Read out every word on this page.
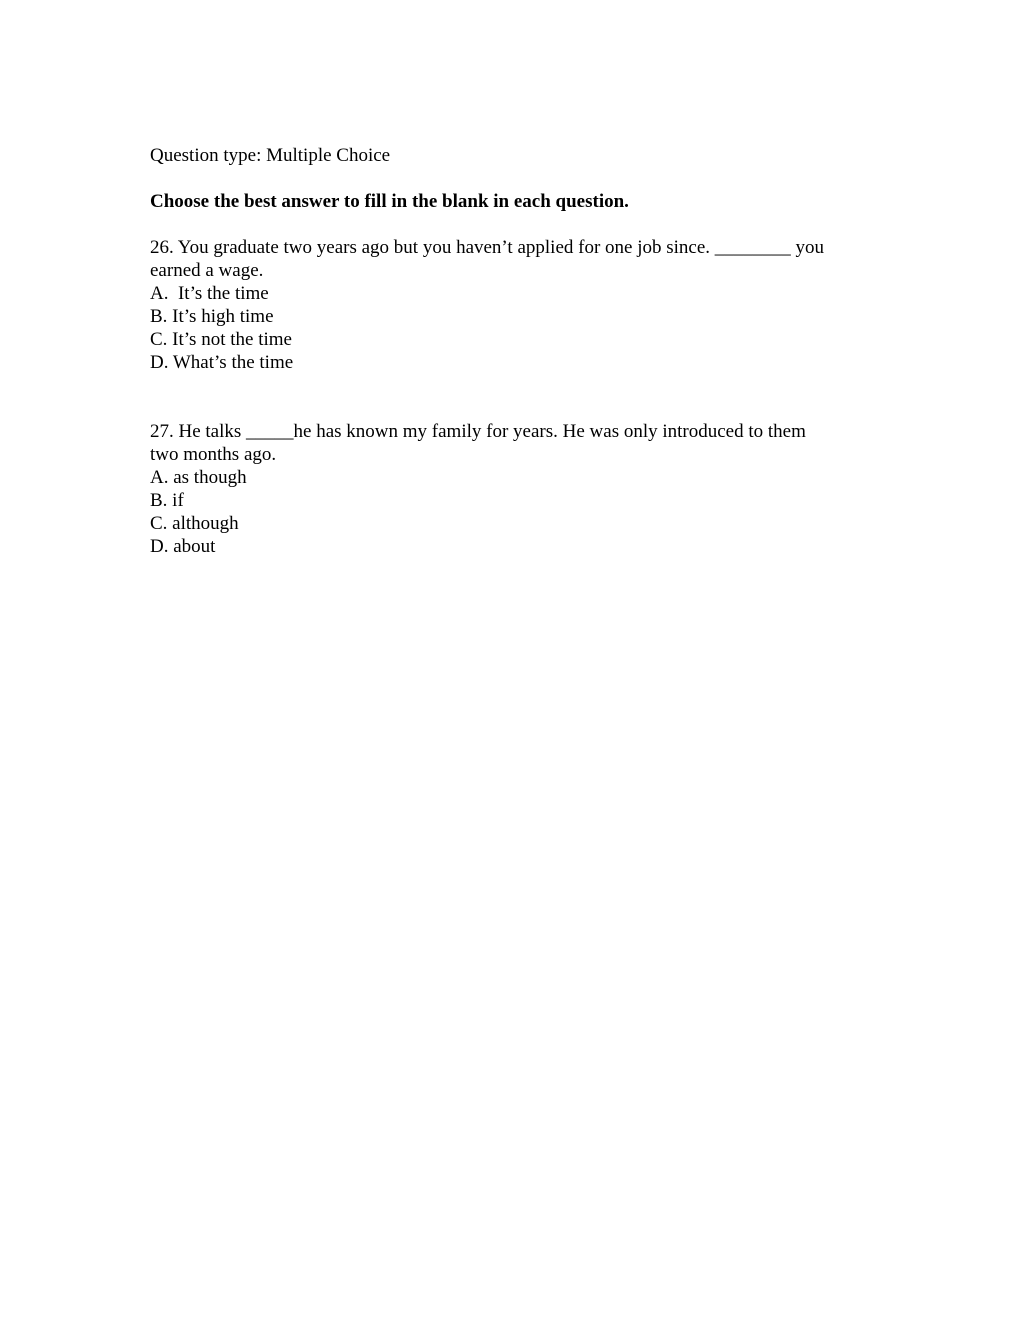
Question type: Multiple Choice
Choose the best answer to fill in the blank in each question.
26. You graduate two years ago but you haven’t applied for one job since. ________ you
earned a wage.
A.  It’s the time
B. It’s high time
C. It’s not the time
D. What’s the time
27. He talks _____he has known my family for years. He was only introduced to them
two months ago.
A. as though
B. if
C. although
D. about
